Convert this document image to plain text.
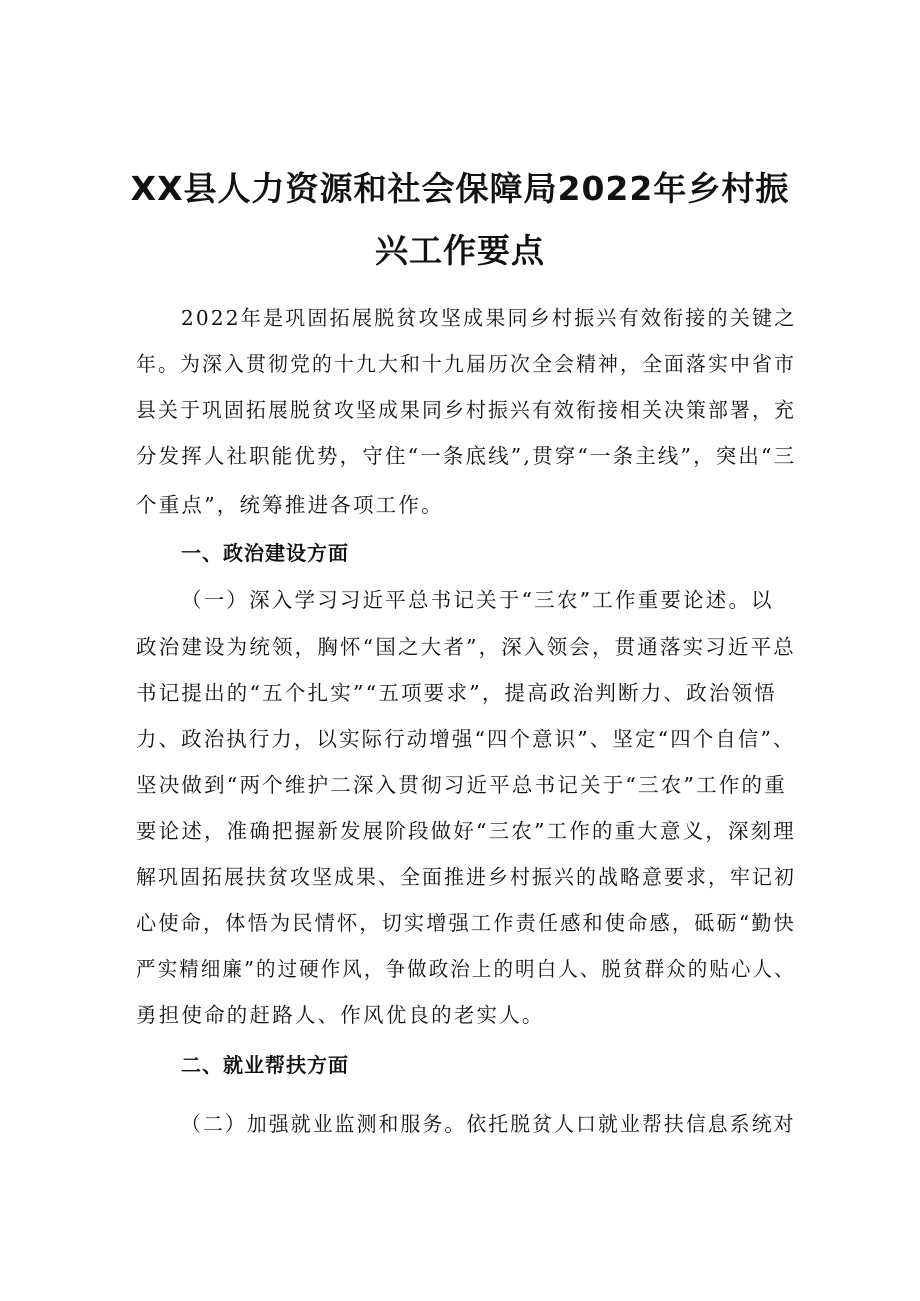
XX县人力资源和社会保障局2022年乡村振
兴工作要点

2022年是巩固拓展脱贫攻坚成果同乡村振兴有效衔接的关键之

年。为深入贯彻党的十九大和十九届历次全会精神，全面落实中省市

县关于巩固拓展脱贫攻坚成果同乡村振兴有效衔接相关决策部署，充

分发挥人社职能优势，守住“一条底线”,贯穿“一条主线”，突出“三

个重点”，统筹推进各项工作。

一、政治建设方面

（一）深入学习习近平总书记关于“三农”工作重要论述。以

政治建设为统领，胸怀“国之大者”，深入领会，贯通落实习近平总

书记提出的“五个扎实”“五项要求”，提高政治判断力、政治领悟

力、政治执行力，以实际行动增强“四个意识”、坚定“四个自信”、

坚决做到“两个维护二深入贯彻习近平总书记关于“三农”工作的重

要论述，准确把握新发展阶段做好“三农”工作的重大意义，深刻理

解巩固拓展扶贫攻坚成果、全面推进乡村振兴的战略意要求，牢记初

心使命，体悟为民情怀，切实增强工作责任感和使命感，砥砺“勤快

严实精细廉”的过硬作风，争做政治上的明白人、脱贫群众的贴心人、

勇担使命的赶路人、作风优良的老实人。

二、就业帮扶方面

（二）加强就业监测和服务。依托脱贫人口就业帮扶信息系统对
